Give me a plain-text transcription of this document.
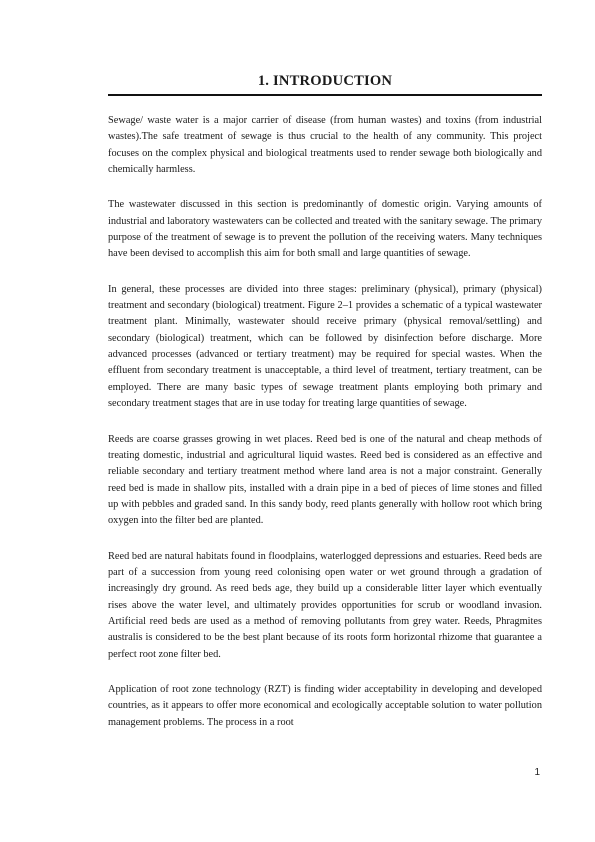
1. INTRODUCTION

Sewage/ waste water is a major carrier of disease (from human wastes) and toxins (from industrial wastes).The safe treatment of sewage is thus crucial to the health of any community. This project focuses on the complex physical and biological treatments used to render sewage both biologically and chemically harmless.

The wastewater discussed in this section is predominantly of domestic origin. Varying amounts of industrial and laboratory wastewaters can be collected and treated with the sanitary sewage. The primary purpose of the treatment of sewage is to prevent the pollution of the receiving waters. Many techniques have been devised to accomplish this aim for both small and large quantities of sewage.

In general, these processes are divided into three stages: preliminary (physical), primary (physical) treatment and secondary (biological) treatment. Figure 2–1 provides a schematic of a typical wastewater treatment plant. Minimally, wastewater should receive primary (physical removal/settling) and secondary (biological) treatment, which can be followed by disinfection before discharge. More advanced processes (advanced or tertiary treatment) may be required for special wastes. When the effluent from secondary treatment is unacceptable, a third level of treatment, tertiary treatment, can be employed. There are many basic types of sewage treatment plants employing both primary and secondary treatment stages that are in use today for treating large quantities of sewage.

Reeds are coarse grasses growing in wet places. Reed bed is one of the natural and cheap methods of treating domestic, industrial and agricultural liquid wastes. Reed bed is considered as an effective and reliable secondary and tertiary treatment method where land area is not a major constraint. Generally reed bed is made in shallow pits, installed with a drain pipe in a bed of pieces of lime stones and filled up with pebbles and graded sand. In this sandy body, reed plants generally with hollow root which bring oxygen into the filter bed are planted.

Reed bed are natural habitats found in floodplains, waterlogged depressions and estuaries. Reed beds are part of a succession from young reed colonising open water or wet ground through a gradation of increasingly dry ground. As reed beds age, they build up a considerable litter layer which eventually rises above the water level, and ultimately provides opportunities for scrub or woodland invasion. Artificial reed beds are used as a method of removing pollutants from grey water. Reeds, Phragmites australis is considered to be the best plant because of its roots form horizontal rhizome that guarantee a perfect root zone filter bed.

Application of root zone technology (RZT) is finding wider acceptability in developing and developed countries, as it appears to offer more economical and ecologically acceptable solution to water pollution management problems. The process in a root

1
